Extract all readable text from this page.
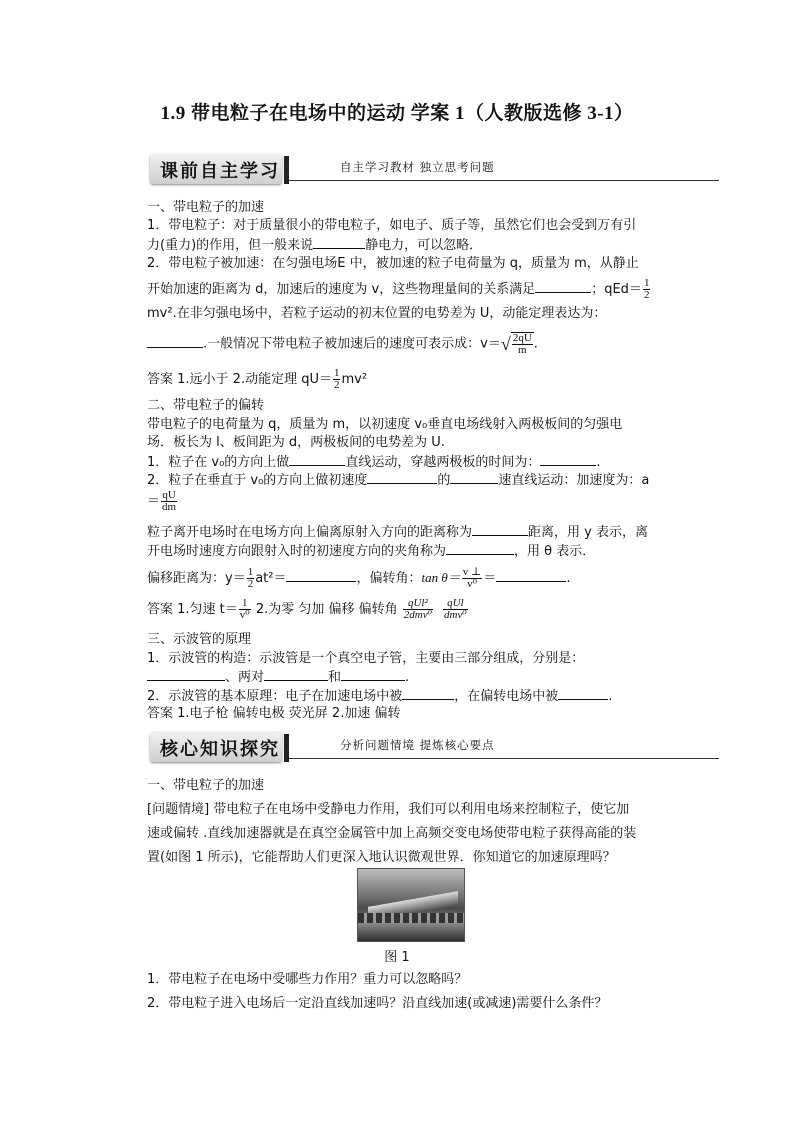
1.9 带电粒子在电场中的运动 学案 1（人教版选修 3-1）
课前自主学习	自主学习教材 独立思考问题
一、带电粒子的加速
1．带电粒子：对于质量很小的带电粒子，如电子、质子等，虽然它们也会受到万有引
力(重力)的作用，但一般来说	静电力，可以忽略．
2．带电粒子被加速：在匀强电场E 中，被加速的粒子电荷量为 q，质量为 m，从静止
开始加速的距离为 d，加速后的速度为 v，这些物理量间的关系满足	；$qEd= \frac{1}{2}$
mv².在非匀强电场中，若粒子运动的初末位置的电势差为 U，动能定理表达为：
.一般情况下带电粒子被加速后的速度可表示成：v＝ √ $\frac{2qU}{m}$ .
答案 1.远小于 2.动能定理 $qU= \frac{1}{2} mv^2$
二、带电粒子的偏转
带电粒子的电荷量为 q，质量为 m，以初速度 v₀垂直电场线射入两极板间的匀强电
场．板长为 l、板间距为 d，两极板间的电势差为 U.
1．粒子在 v₀的方向上做	直线运动，穿越两极板的时间为：	.
2．粒子在垂直于 v₀的方向上做初速度	的	速直线运动：加速度为：a
＝ $\frac{qU}{dm}$
粒子离开电场时在电场方向上偏离原射入方向的距离称为	距离，用 y 表示，离
开电场时速度方向跟射入时的初速度方向的夹角称为	，用 θ 表示．
偏移距离为：$y= \frac{1}{2} at^2=$	，偏转角：$\tan \theta= \frac{v \perp}{\text{v⁰}}$ ＝	.
答案 1.匀速 $t= \frac{1}{\text{v⁰}} 2$.为零 匀加 偏移 偏转角 $\frac{\text{qUl²}}{\text{2dmv⁰}} \frac{\text{qUl}}{\text{dmv⁰}}$
三、示波管的原理
1．示波管的构造：示波管是一个真空电子管，主要由三部分组成，分别是：
、两对	和	.
2．示波管的基本原理：电子在加速电场中被	，在偏转电场中被	.
答案 1.电子枪 偏转电极 荧光屏 2.加速 偏转
核心知识探究	分析问题情境 提炼核心要点
一、带电粒子的加速
[问题情境] 带电粒子在电场中受静电力作用，我们可以利用电场来控制粒子，使它加
速或偏转 .直线加速器就是在真空金属管中加上高频交变电场使带电粒子获得高能的装
置(如图 1 所示)，它能帮助人们更深入地认识微观世界．你知道它的加速原理吗？
图 1
1．带电粒子在电场中受哪些力作用？重力可以忽略吗？
2．带电粒子进入电场后一定沿直线加速吗？沿直线加速(或减速)需要什么条件？
